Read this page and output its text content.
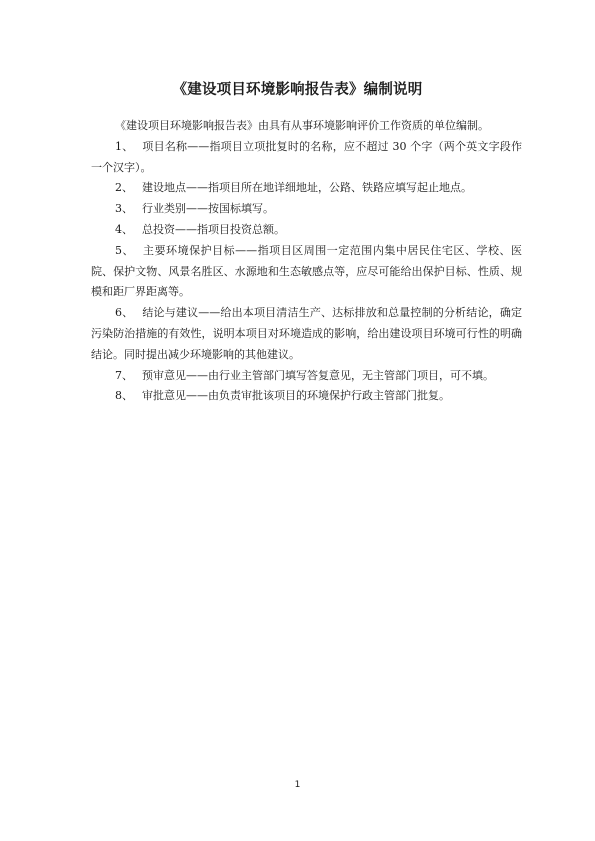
《建设项目环境影响报告表》编制说明

《建设项目环境影响报告表》由具有从事环境影响评价工作资质的单位编制。

1、 项目名称——指项目立项批复时的名称，应不超过 30 个字（两个英文字段作一个汉字）。

2、 建设地点——指项目所在地详细地址，公路、铁路应填写起止地点。

3、 行业类别——按国标填写。

4、 总投资——指项目投资总额。

5、 主要环境保护目标——指项目区周围一定范围内集中居民住宅区、学校、医院、保护文物、风景名胜区、水源地和生态敏感点等，应尽可能给出保护目标、性质、规模和距厂界距离等。

6、 结论与建议——给出本项目清洁生产、达标排放和总量控制的分析结论，确定污染防治措施的有效性，说明本项目对环境造成的影响，给出建设项目环境可行性的明确结论。同时提出减少环境影响的其他建议。

7、 预审意见——由行业主管部门填写答复意见，无主管部门项目，可不填。

8、 审批意见——由负责审批该项目的环境保护行政主管部门批复。

1
